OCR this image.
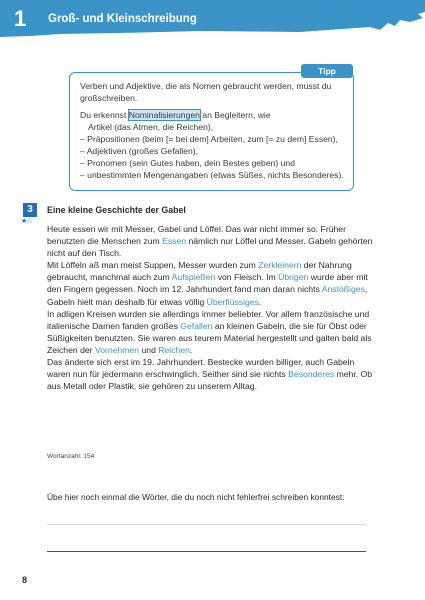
1 Groß- und Kleinschreibung
Tipp

Verben und Adjektive, die als Nomen gebraucht werden, musst du großschreiben.

Du erkennst Nominalisierungen an Begleitern, wie

Artikel (das Atmen, die Reichen),

– Präpositionen (beim [= bei dem] Arbeiten, zum [= zu dem] Essen),

– Adjektiven (großes Gefallen),

– Pronomen (sein Gutes haben, dein Bestes geben) und

– unbestimmten Mengenangaben (etwas Süßes, nichts Besonderes).

3
★☆
Eine kleine Geschichte der Gabel

Heute essen wir mit Messer, Gabel und Löffel. Das war nicht immer so. Früher benutzten die Menschen zum Essen nämlich nur Löffel und Messer. Gabeln gehörten nicht auf den Tisch.

Mit Löffeln aß man meist Suppen, Messer wurden zum Zerkleinern der Nahrung gebraucht, manchmal auch zum Aufspießen von Fleisch. Im Übrigen wurde aber mit den Fingern gegessen. Noch im 12. Jahrhundert fand man daran nichts Anstößiges, Gabeln hielt man deshalb für etwas völlig Überflüssiges.

In adligen Kreisen wurden sie allerdings immer beliebter. Vor allem französische und italienische Damen fanden großes Gefallen an kleinen Gabeln, die sie für Obst oder Süßigkeiten benutzten. Sie waren aus teurem Material hergestellt und galten bald als Zeichen der Vornehmen und Reichen.

Das änderte sich erst im 19. Jahrhundert. Bestecke wurden billiger, auch Gabeln waren nun für jedermann erschwinglich. Seither sind sie nichts Besonderes mehr. Ob aus Metall oder Plastik, sie gehören zu unserem Alltag.

Wortanzahl: 154
Übe hier noch einmal die Wörter, die du noch nicht fehlerfrei schreiben konntest:
8
